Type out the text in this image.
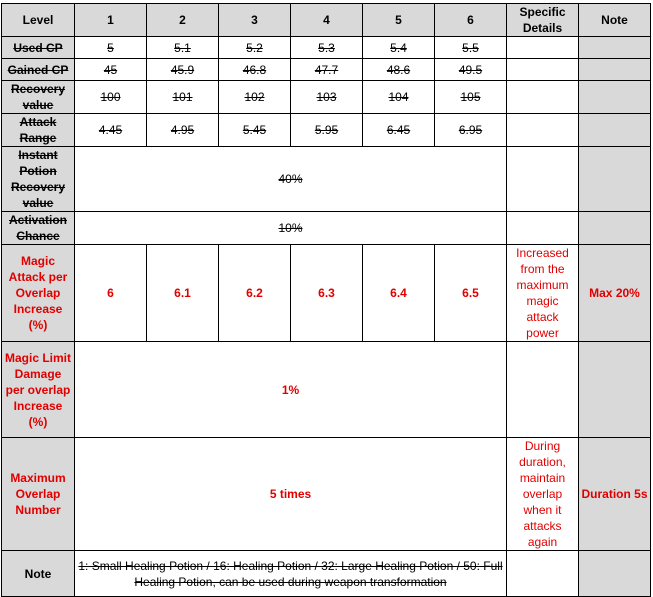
Level	1	2	3	4	5	6	Specific Details	Note
Used CP	5	5.1	5.2	5.3	5.4	5.5		
Gained CP	45	45.9	46.8	47.7	48.6	49.5		
Recovery value	100	101	102	103	104	105		
Attack Range	4.45	4.95	5.45	5.95	6.45	6.95		
Instant Potion Recovery value	40%							
Activation Chance	10%							
Magic Attack per Overlap Increase (%)	6	6.1	6.2	6.3	6.4	6.5	Increased from the maximum magic attack power	Max 20%
Magic Limit Damage per overlap Increase (%)	1%							
Maximum Overlap Number	5 times						During duration, maintain overlap when it attacks again	Duration 5s
Note	1: Small Healing Potion / 16: Healing Potion / 32: Large Healing Potion / 50: Full Healing Potion, can be used during weapon transformation							
